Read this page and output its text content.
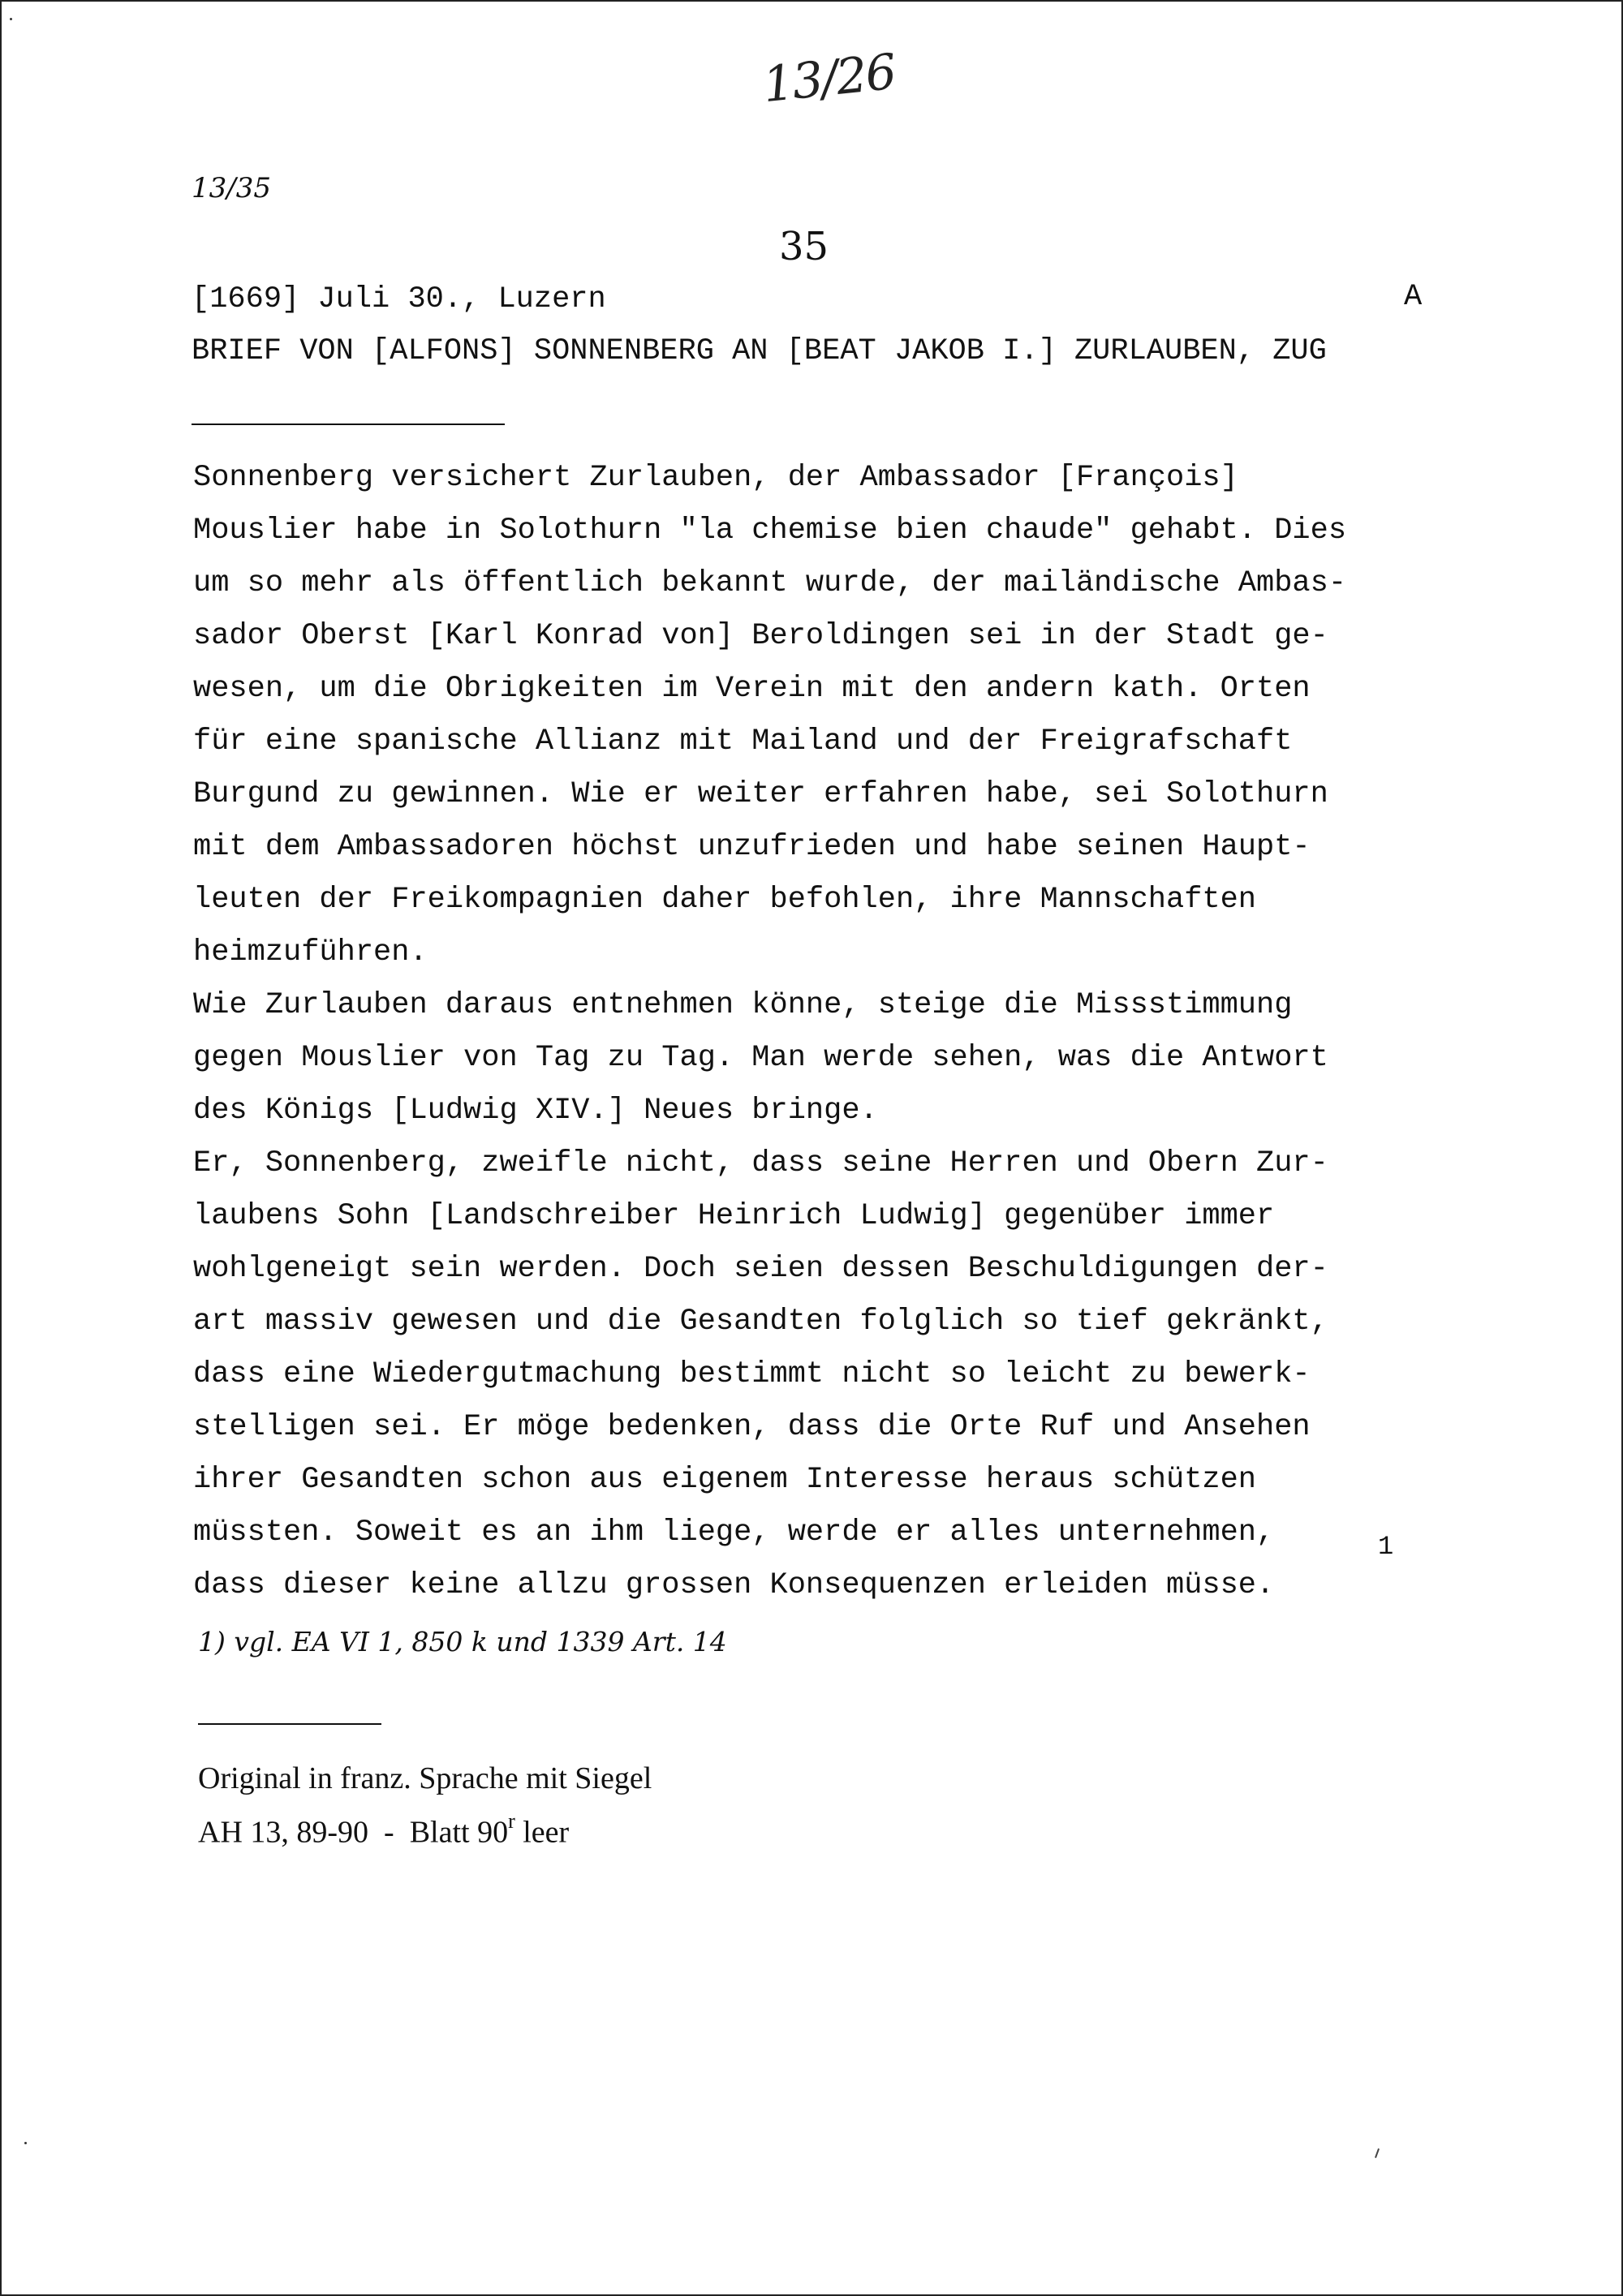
13/26
13/35
35
[1669] Juli 30., Luzern	A
BRIEF VON [ALFONS] SONNENBERG AN [BEAT JAKOB I.] ZURLAUBEN, ZUG
Sonnenberg versichert Zurlauben, der Ambassador [François]
Mouslier habe in Solothurn "la chemise bien chaude" gehabt. Dies
um so mehr als öffentlich bekannt wurde, der mailändische Ambas-
sador Oberst [Karl Konrad von] Beroldingen sei in der Stadt ge-
wesen, um die Obrigkeiten im Verein mit den andern kath. Orten
für eine spanische Allianz mit Mailand und der Freigrafschaft
Burgund zu gewinnen. Wie er weiter erfahren habe, sei Solothurn
mit dem Ambassadoren höchst unzufrieden und habe seinen Haupt-
leuten der Freikompagnien daher befohlen, ihre Mannschaften
heimzuführen.
Wie Zurlauben daraus entnehmen könne, steige die Missstimmung
gegen Mouslier von Tag zu Tag. Man werde sehen, was die Antwort
des Königs [Ludwig XIV.] Neues bringe.
Er, Sonnenberg, zweifle nicht, dass seine Herren und Obern Zur-
laubens Sohn [Landschreiber Heinrich Ludwig] gegenüber immer
wohlgeneigt sein werden. Doch seien dessen Beschuldigungen der-
art massiv gewesen und die Gesandten folglich so tief gekränkt,
dass eine Wiedergutmachung bestimmt nicht so leicht zu bewerk-
stelligen sei. Er möge bedenken, dass die Orte Ruf und Ansehen
ihrer Gesandten schon aus eigenem Interesse heraus schützen
müssten. Soweit es an ihm liege, werde er alles unternehmen,
dass dieser keine allzu grossen Konsequenzen erleiden müsse.
1
1) vgl. EA VI 1, 850 k und 1339 Art. 14
Original in franz. Sprache mit Siegel
AH 13, 89-90  -  Blatt 90$^r$ leer
